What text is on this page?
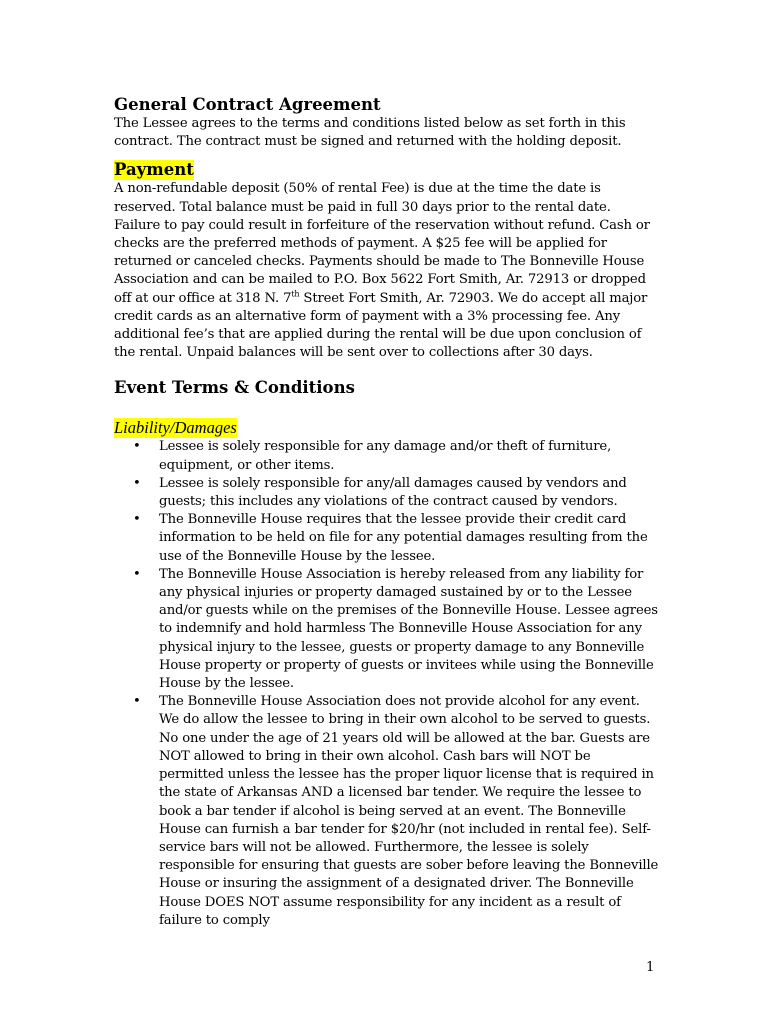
General Contract Agreement

The Lessee agrees to the terms and conditions listed below as set forth in this contract. The contract must be signed and returned with the holding deposit.

Payment

A non-refundable deposit (50% of rental Fee) is due at the time the date is reserved. Total balance must be paid in full 30 days prior to the rental date. Failure to pay could result in forfeiture of the reservation without refund. Cash or checks are the preferred methods of payment. A $25 fee will be applied for returned or canceled checks. Payments should be made to The Bonneville House Association and can be mailed to P.O. Box 5622 Fort Smith, Ar. 72913 or dropped off at our office at 318 N. 7th Street Fort Smith, Ar. 72903. We do accept all major credit cards as an alternative form of payment with a 3% processing fee. Any additional fee’s that are applied during the rental will be due upon conclusion of the rental. Unpaid balances will be sent over to collections after 30 days.

Event Terms & Conditions
Liability/Damages
• Lessee is solely responsible for any damage and/or theft of furniture, equipment, or other items.
• Lessee is solely responsible for any/all damages caused by vendors and guests; this includes any violations of the contract caused by vendors.
• The Bonneville House requires that the lessee provide their credit card information to be held on file for any potential damages resulting from the use of the Bonneville House by the lessee.
• The Bonneville House Association is hereby released from any liability for any physical injuries or property damaged sustained by or to the Lessee and/or guests while on the premises of the Bonneville House. Lessee agrees to indemnify and hold harmless The Bonneville House Association for any physical injury to the lessee, guests or property damage to any Bonneville House property or property of guests or invitees while using the Bonneville House by the lessee.
• The Bonneville House Association does not provide alcohol for any event. We do allow the lessee to bring in their own alcohol to be served to guests. No one under the age of 21 years old will be allowed at the bar. Guests are NOT allowed to bring in their own alcohol. Cash bars will NOT be permitted unless the lessee has the proper liquor license that is required in the state of Arkansas AND a licensed bar tender. We require the lessee to book a bar tender if alcohol is being served at an event. The Bonneville House can furnish a bar tender for $20/hr (not included in rental fee). Self-service bars will not be allowed. Furthermore, the lessee is solely responsible for ensuring that guests are sober before leaving the Bonneville House or insuring the assignment of a designated driver. The Bonneville House DOES NOT assume responsibility for any incident as a result of failure to comply
1
